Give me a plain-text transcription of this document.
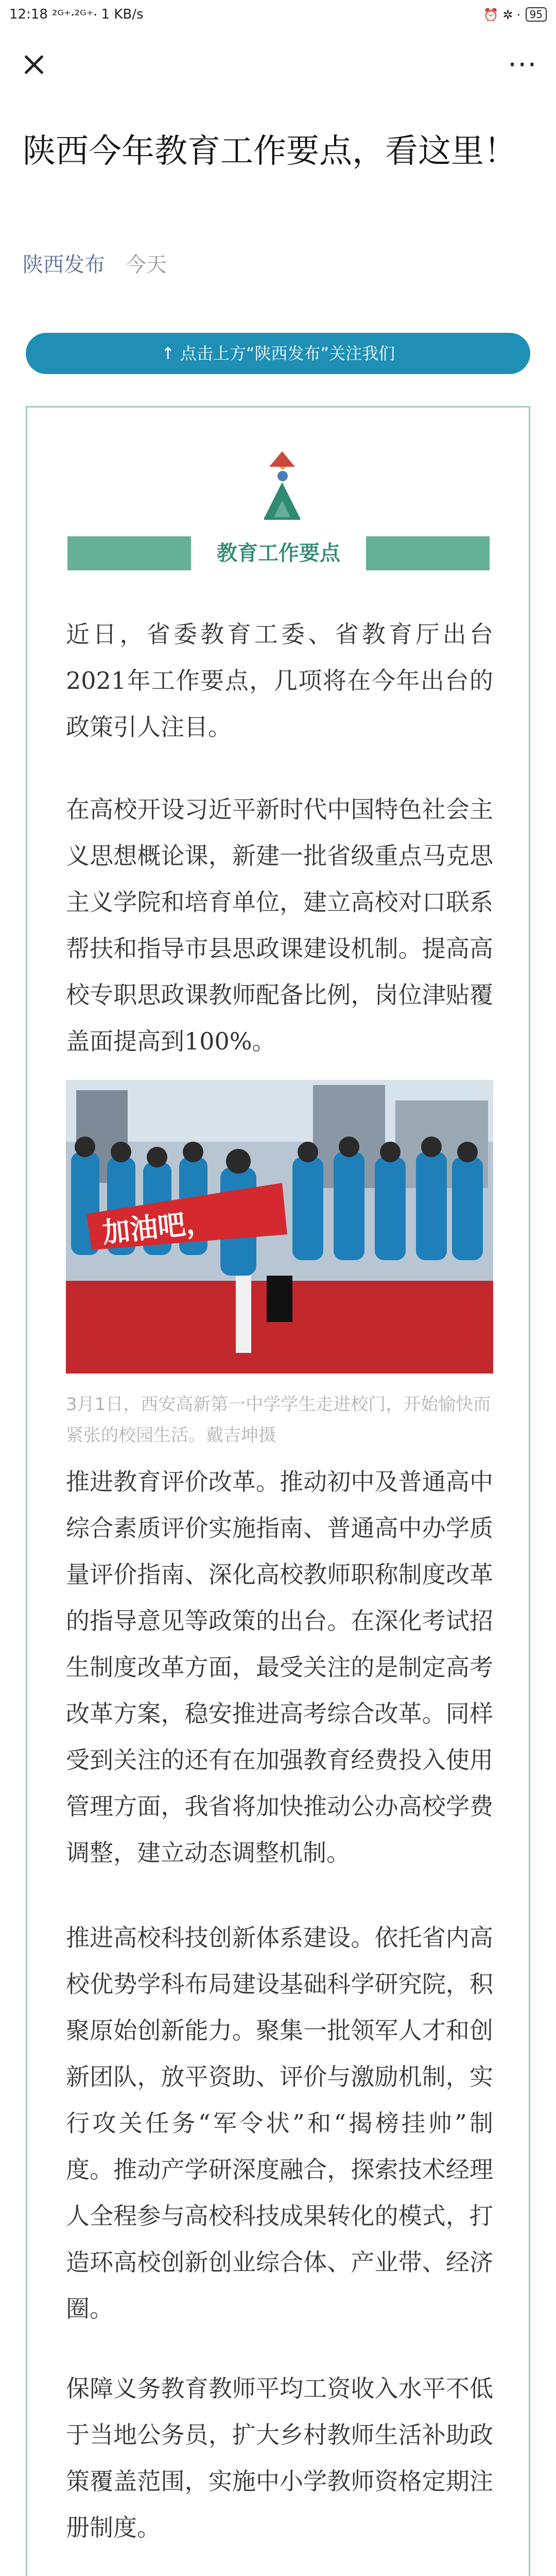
12:18 ²ᴳ⁺⸱²ᴳ⁺⸱ 1 KB/s	⏰ ✲ ⸱ 95
···
陕西今年教育工作要点，看这里！
陕西发布 今天
↑ 点击上方“陕西发布”关注我们
教育工作要点

近日，省委教育工委、省教育厅出台2021年工作要点，几项将在今年出台的政策引人注目。

在高校开设习近平新时代中国特色社会主义思想概论课，新建一批省级重点马克思主义学院和培育单位，建立高校对口联系帮扶和指导市县思政课建设机制。提高高校专职思政课教师配备比例，岗位津贴覆盖面提高到100%。

加油吧，

3月1日，西安高新第一中学学生走进校门，开始愉快而紧张的校园生活。戴吉坤摄

推进教育评价改革。推动初中及普通高中综合素质评价实施指南、普通高中办学质量评价指南、深化高校教师职称制度改革的指导意见等政策的出台。在深化考试招生制度改革方面，最受关注的是制定高考改革方案，稳安推进高考综合改革。同样受到关注的还有在加强教育经费投入使用管理方面，我省将加快推动公办高校学费调整，建立动态调整机制。

推进高校科技创新体系建设。依托省内高校优势学科布局建设基础科学研究院，积聚原始创新能力。聚集一批领军人才和创新团队，放平资助、评价与激励机制，实行攻关任务“军令状”和“揭榜挂帅”制度。推动产学研深度融合，探索技术经理人全程参与高校科技成果转化的模式，打造环高校创新创业综合体、产业带、经济圈。

保障义务教育教师平均工资收入水平不低于当地公务员，扩大乡村教师生活补助政策覆盖范围，实施中小学教师资格定期注册制度。
